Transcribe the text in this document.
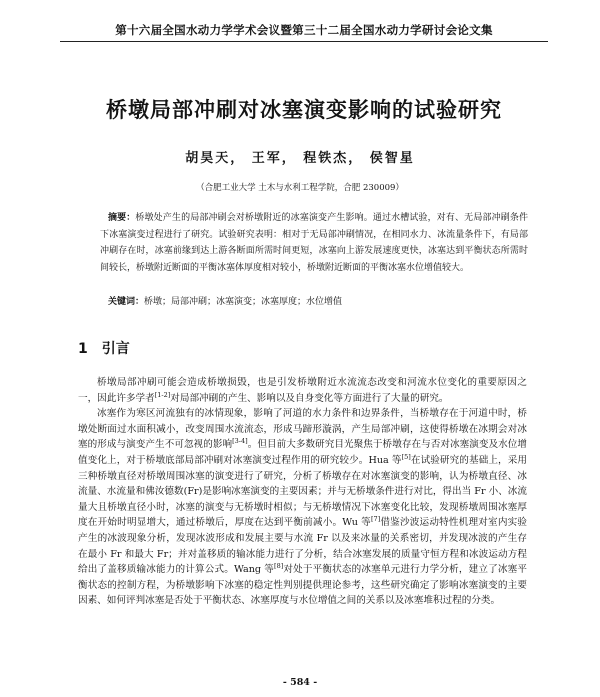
第十六届全国水动力学学术会议暨第三十二届全国水动力学研讨会论文集
桥墩局部冲刷对冰塞演变影响的试验研究
胡昊天， 王军， 程铁杰， 侯智星
（合肥工业大学 土木与水利工程学院，合肥 230009）
摘要：桥墩处产生的局部冲刷会对桥墩附近的冰塞演变产生影响。通过水槽试验，对有、无局部冲刷条件下冰塞演变过程进行了研究。试验研究表明：相对于无局部冲刷情况，在相同水力、冰流量条件下，有局部冲刷存在时，冰塞前缘到达上游各断面所需时间更短，冰塞向上游发展速度更快，冰塞达到平衡状态所需时间较长，桥墩附近断面的平衡冰塞体厚度相对较小，桥墩附近断面的平衡冰塞水位增值较大。
关键词：桥墩；局部冲刷；冰塞演变；冰塞厚度；水位增值
1 引言

桥墩局部冲刷可能会造成桥墩损毁，也是引发桥墩附近水流流态改变和河流水位变化的重要原因之一，因此许多学者[1-2]对局部冲刷的产生、影响以及自身变化等方面进行了大量的研究。

冰塞作为寒区河流独有的冰情现象，影响了河道的水力条件和边界条件，当桥墩存在于河道中时，桥墩处断面过水面积减小，改变周围水流流态，形成马蹄形漩涡，产生局部冲刷，这使得桥墩在冰期会对冰塞的形成与演变产生不可忽视的影响[3-4]。但目前大多数研究目光聚焦于桥墩存在与否对冰塞演变及水位增值变化上，对于桥墩底部局部冲刷对冰塞演变过程作用的研究较少。Hua 等[5]在试验研究的基础上，采用三种桥墩直径对桥墩周围冰塞的演变进行了研究，分析了桥墩存在对冰塞演变的影响，认为桥墩直径、冰流量、水流量和佛汝德数(Fr)是影响冰塞演变的主要因素；并与无桥墩条件进行对比，得出当 Fr 小、冰流量大且桥墩直径小时，冰塞的演变与无桥墩时相似；与无桥墩情况下冰塞变化比较，发现桥墩周围冰塞厚度在开始时明显增大，通过桥墩后，厚度在达到平衡前减小。Wu 等[7]借鉴沙波运动特性机理对室内实验产生的冰波现象分析，发现冰波形成和发展主要与水流 Fr 以及来冰量的关系密切，并发现冰波的产生存在最小 Fr 和最大 Fr；并对盖移质的输冰能力进行了分析，结合冰塞发展的质量守恒方程和冰波运动方程给出了盖移质输冰能力的计算公式。Wang 等[8]对处于平衡状态的冰塞单元进行力学分析，建立了冰塞平衡状态的控制方程，为桥墩影响下冰塞的稳定性判别提供理论参考，这些研究确定了影响冰塞演变的主要因素、如何评判冰塞是否处于平衡状态、冰塞厚度与水位增值之间的关系以及冰塞堆积过程的分类。

- 584 -
